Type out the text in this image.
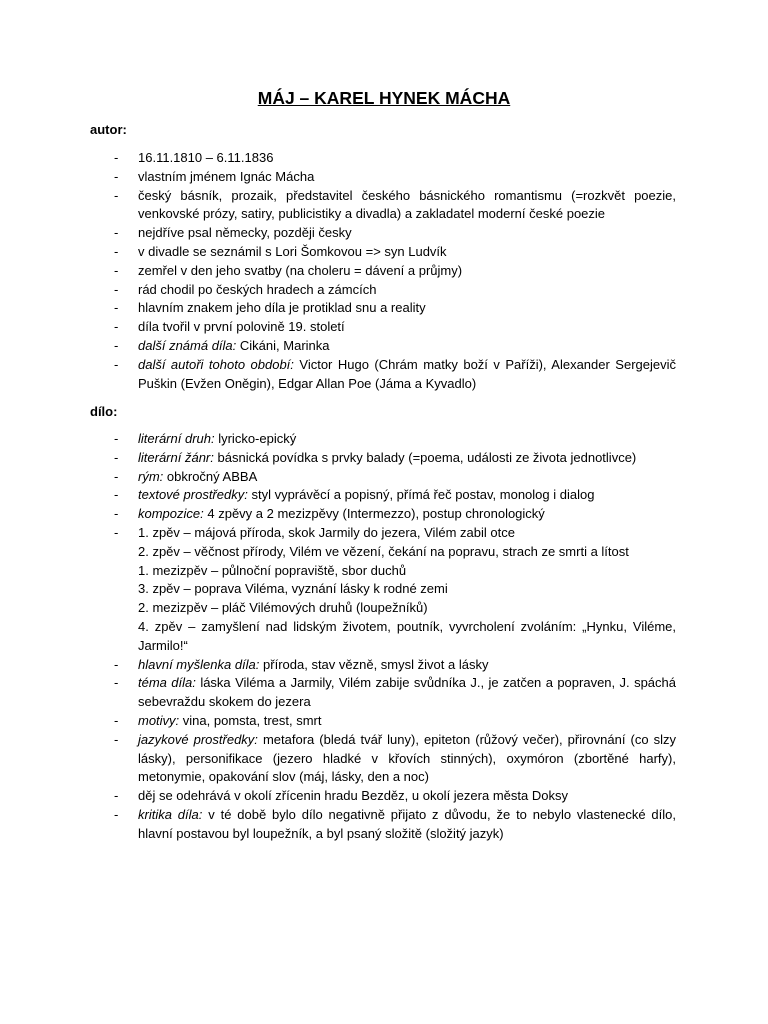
MÁJ – KAREL HYNEK MÁCHA
autor:
- 16.11.1810 – 6.11.1836
- vlastním jménem Ignác Mácha
- český básník, prozaik, představitel českého básnického romantismu (=rozkvět poezie, venkovské prózy, satiry, publicistiky a divadla) a zakladatel moderní české poezie
- nejdříve psal německy, později česky
- v divadle se seznámil s Lori Šomkovou => syn Ludvík
- zemřel v den jeho svatby (na choleru = dávení a průjmy)
- rád chodil po českých hradech a zámcích
- hlavním znakem jeho díla je protiklad snu a reality
- díla tvořil v první polovině 19. století
- další známá díla: Cikáni, Marinka
- další autoři tohoto období: Victor Hugo (Chrám matky boží v Paříži), Alexander Sergejevič Puškin (Evžen Oněgin), Edgar Allan Poe (Jáma a Kyvadlo)
dílo:
- literární druh: lyricko-epický
- literární žánr: básnická povídka s prvky balady (=poema, události ze života jednotlivce)
- rým: obkročný ABBA
- textové prostředky: styl vyprávěcí a popisný, přímá řeč postav, monolog i dialog
- kompozice: 4 zpěvy a 2 mezizpěvy (Intermezzo), postup chronologický
- 1. zpěv – májová příroda, skok Jarmily do jezera, Vilém zabil otce
2. zpěv – věčnost přírody, Vilém ve vězení, čekání na popravu, strach ze smrti a lítost
1. mezizpěv – půlnoční popraviště, sbor duchů
3. zpěv – poprava Viléma, vyznání lásky k rodné zemi
2. mezizpěv – pláč Vilémových druhů (loupežníků)
4. zpěv – zamyšlení nad lidským životem, poutník, vyvrcholení zvoláním: „Hynku, Viléme, Jarmilo!“
- hlavní myšlenka díla: příroda, stav vězně, smysl život a lásky
- téma díla: láska Viléma a Jarmily, Vilém zabije svůdníka J., je zatčen a popraven, J. spáchá sebevraždu skokem do jezera
- motivy: vina, pomsta, trest, smrt
- jazykové prostředky: metafora (bledá tvář luny), epiteton (růžový večer), přirovnání (co slzy lásky), personifikace (jezero hladké v křovích stinných), oxymóron (zbortěné harfy), metonymie, opakování slov (máj, lásky, den a noc)
- děj se odehrává v okolí zřícenin hradu Bezděz, u okolí jezera města Doksy
- kritika díla: v té době bylo dílo negativně přijato z důvodu, že to nebylo vlastenecké dílo, hlavní postavou byl loupežník, a byl psaný složitě (složitý jazyk)
